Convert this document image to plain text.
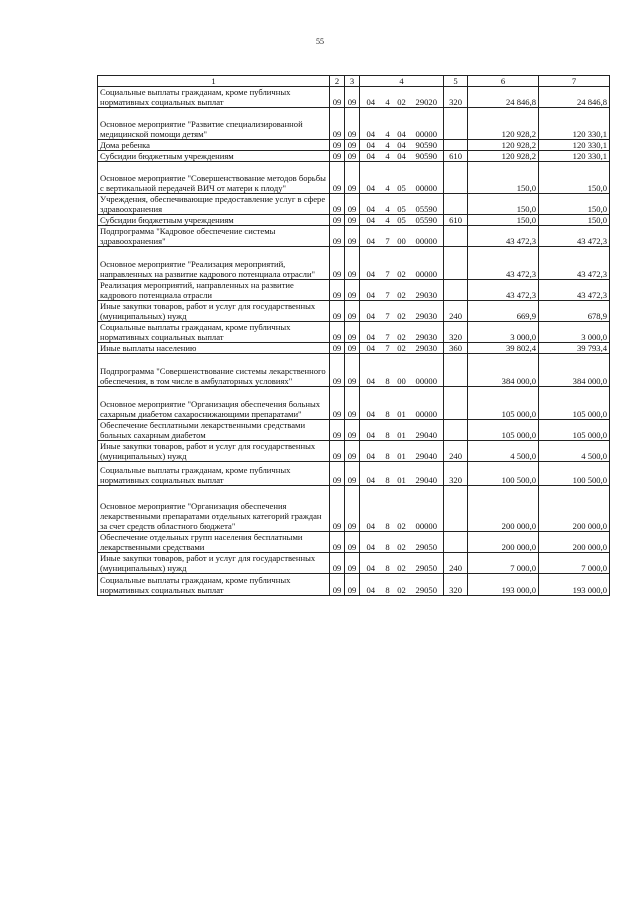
55
1	2	3	4				5	6	7
Социальные выплаты гражданам, кроме публичных нормативных социальных выплат	09	09	04	4	02	29020	320	24 846,8	24 846,8
Основное мероприятие "Развитие специализированной медицинской помощи детям"	09	09	04	4	04	00000		120 928,2	120 330,1
Дома ребенка	09	09	04	4	04	90590		120 928,2	120 330,1
Субсидии бюджетным учреждениям	09	09	04	4	04	90590	610	120 928,2	120 330,1
Основное мероприятие "Совершенствование методов борьбы с вертикальной передачей ВИЧ от матери к плоду"	09	09	04	4	05	00000		150,0	150,0
Учреждения, обеспечивающие предоставление услуг в сфере здравоохранения	09	09	04	4	05	05590		150,0	150,0
Субсидии бюджетным учреждениям	09	09	04	4	05	05590	610	150,0	150,0
Подпрограмма "Кадровое обеспечение системы здравоохранения"	09	09	04	7	00	00000		43 472,3	43 472,3
Основное мероприятие "Реализация мероприятий, направленных на развитие кадрового потенциала отрасли"	09	09	04	7	02	00000		43 472,3	43 472,3
Реализация мероприятий, направленных на развитие кадрового потенциала отрасли	09	09	04	7	02	29030		43 472,3	43 472,3
Иные закупки товаров, работ и услуг для государственных (муниципальных) нужд	09	09	04	7	02	29030	240	669,9	678,9
Социальные выплаты гражданам, кроме публичных нормативных социальных выплат	09	09	04	7	02	29030	320	3 000,0	3 000,0
Иные выплаты населению	09	09	04	7	02	29030	360	39 802,4	39 793,4
Подпрограмма "Совершенствование системы лекарственного обеспечения, в том числе в амбулаторных условиях"	09	09	04	8	00	00000		384 000,0	384 000,0
Основное мероприятие "Организация обеспечения больных сахарным диабетом сахароснижающими препаратами"	09	09	04	8	01	00000		105 000,0	105 000,0
Обеспечение бесплатными лекарственными средствами больных сахарным диабетом	09	09	04	8	01	29040		105 000,0	105 000,0
Иные закупки товаров, работ и услуг для государственных (муниципальных) нужд	09	09	04	8	01	29040	240	4 500,0	4 500,0
Социальные выплаты гражданам, кроме публичных нормативных социальных выплат	09	09	04	8	01	29040	320	100 500,0	100 500,0
Основное мероприятие "Организация обеспечения лекарственными препаратами отдельных категорий граждан за счет средств областного бюджета"	09	09	04	8	02	00000		200 000,0	200 000,0
Обеспечение отдельных групп населения бесплатными лекарственными средствами	09	09	04	8	02	29050		200 000,0	200 000,0
Иные закупки товаров, работ и услуг для государственных (муниципальных) нужд	09	09	04	8	02	29050	240	7 000,0	7 000,0
Социальные выплаты гражданам, кроме публичных нормативных социальных выплат	09	09	04	8	02	29050	320	193 000,0	193 000,0
